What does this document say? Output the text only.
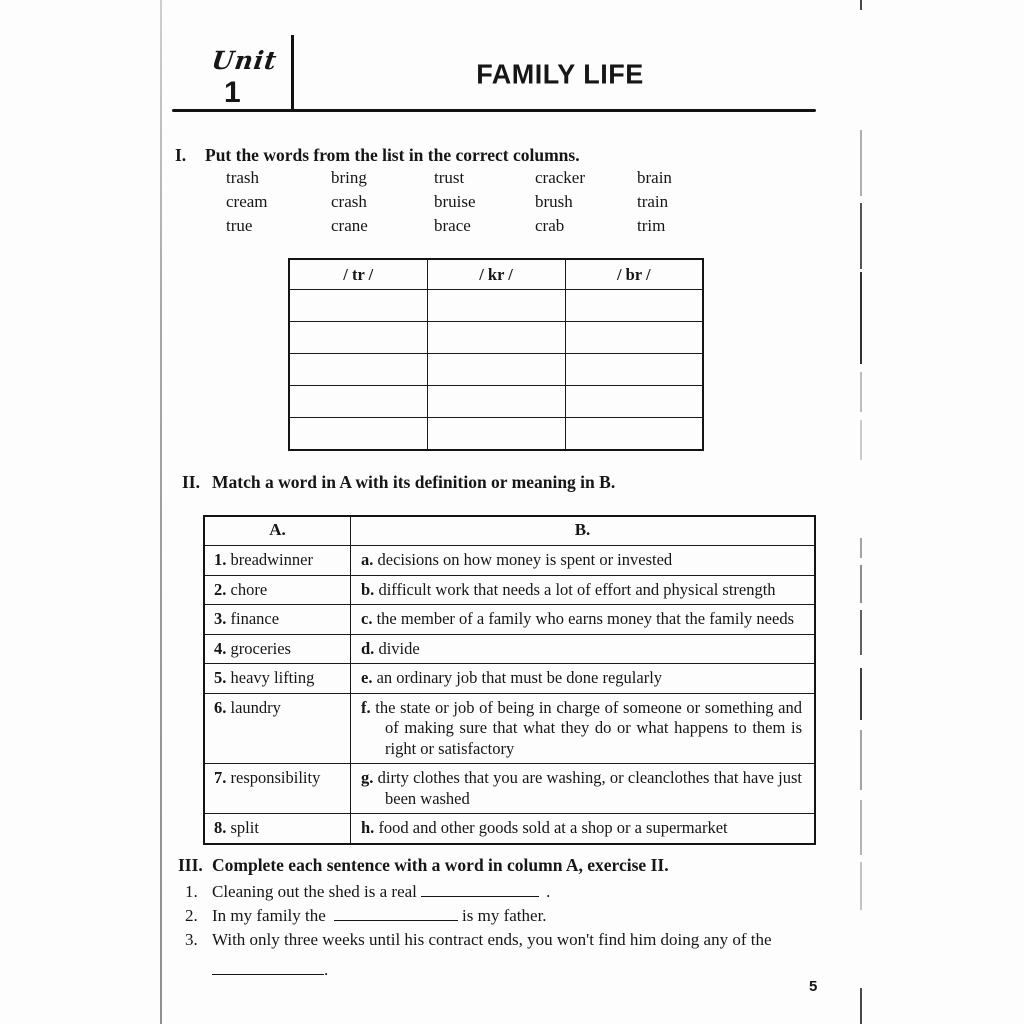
Unit
1
FAMILY LIFE
I. Put the words from the list in the correct columns.
trash	bring	trust	cracker	brain
cream	crash	bruise	brush	train
true	crane	brace	crab	trim
/ tr /	/ kr /	/ br /

II. Match a word in A with its definition or meaning in B.
A.	B.
1. breadwinner	a. decisions on how money is spent or invested
2. chore	b. difficult work that needs a lot of effort and physical strength
3. finance	c. the member of a family who earns money that the family needs
4. groceries	d. divide
5. heavy lifting	e. an ordinary job that must be done regularly
6. laundry	f. the state or job of being in charge of someone or something and of making sure that what they do or what happens to them is right or satisfactory
7. responsibility	g. dirty clothes that you are washing, or cleanclothes that have just been washed
8. split	h. food and other goods sold at a shop or a supermarket
III. Complete each sentence with a word in column A, exercise II.
1. Cleaning out the shed is a real	.
2. In my family the	is my father.
3. With only three weeks until his contract ends, you won't find him doing any of the
.
5
